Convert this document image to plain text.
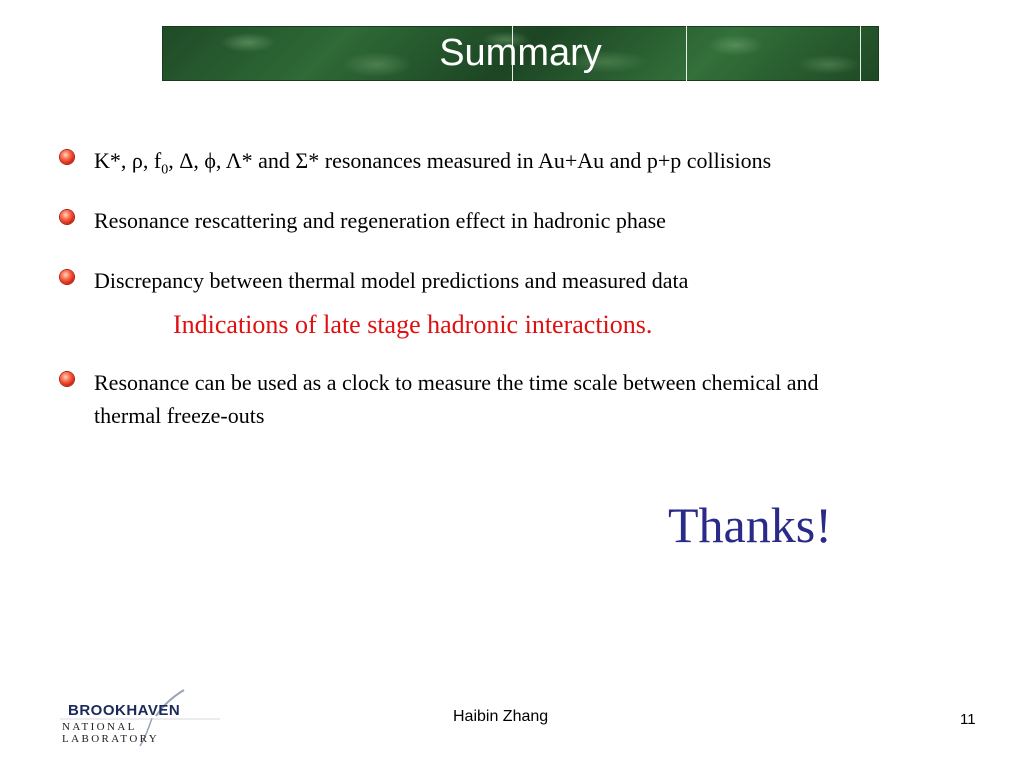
Summary
K*, ρ, $f_0$, Δ, ϕ, Λ* and Σ* resonances measured in Au+Au and p+p collisions
Resonance rescattering and regeneration effect in hadronic phase
Discrepancy between thermal model predictions and measured data
Resonance can be used as a clock to measure the time scale between chemical and thermal freeze-outs
Indications of late stage hadronic interactions.
Thanks!
BROOKHAVEN
NATIONAL LABORATORY
Haibin Zhang	11
